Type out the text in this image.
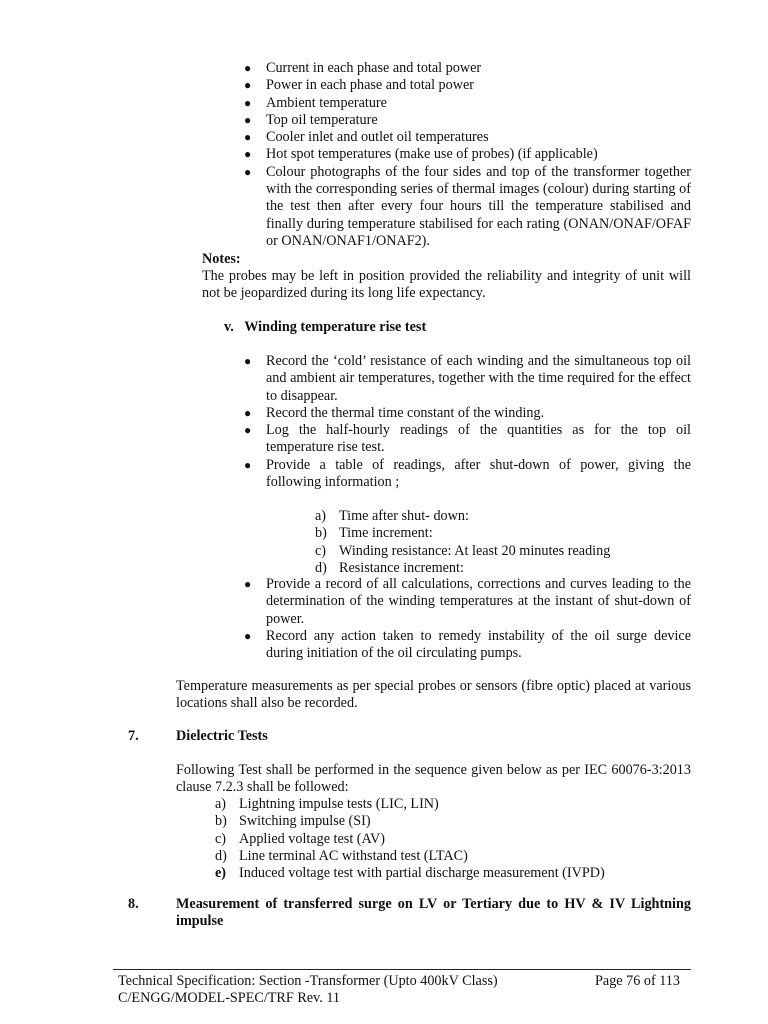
● Current in each phase and total power
● Power in each phase and total power
● Ambient temperature
● Top oil temperature
● Cooler inlet and outlet oil temperatures
● Hot spot temperatures (make use of probes) (if applicable)
● Colour photographs of the four sides and top of the transformer together with the corresponding series of thermal images (colour) during starting of the test then after every four hours till the temperature stabilised and finally during temperature stabilised for each rating (ONAN/ONAF/OFAF or ONAN/ONAF1/ONAF2).
Notes:
The probes may be left in position provided the reliability and integrity of unit will not be jeopardized during its long life expectancy.
v. Winding temperature rise test
● Record the ‘cold’ resistance of each winding and the simultaneous top oil and ambient air temperatures, together with the time required for the effect to disappear.
● Record the thermal time constant of the winding.
● Log the half-hourly readings of the quantities as for the top oil temperature rise test.
● Provide a table of readings, after shut-down of power, giving the following information ;
a) Time after shut- down:
b) Time increment:
c) Winding resistance: At least 20 minutes reading
d) Resistance increment:
● Provide a record of all calculations, corrections and curves leading to the determination of the winding temperatures at the instant of shut-down of power.
● Record any action taken to remedy instability of the oil surge device during initiation of the oil circulating pumps.
Temperature measurements as per special probes or sensors (fibre optic) placed at various locations shall also be recorded.
7.	Dielectric Tests
Following Test shall be performed in the sequence given below as per IEC 60076-3:2013 clause 7.2.3 shall be followed:
a) Lightning impulse tests (LIC, LIN)
b) Switching impulse (SI)
c) Applied voltage test (AV)
d) Line terminal AC withstand test (LTAC)
e) Induced voltage test with partial discharge measurement (IVPD)
8.	Measurement of transferred surge on LV or Tertiary due to HV & IV Lightning impulse
Technical Specification: Section -Transformer (Upto 400kV Class)
C/ENGG/MODEL-SPEC/TRF Rev. 11
Page 76 of 113
